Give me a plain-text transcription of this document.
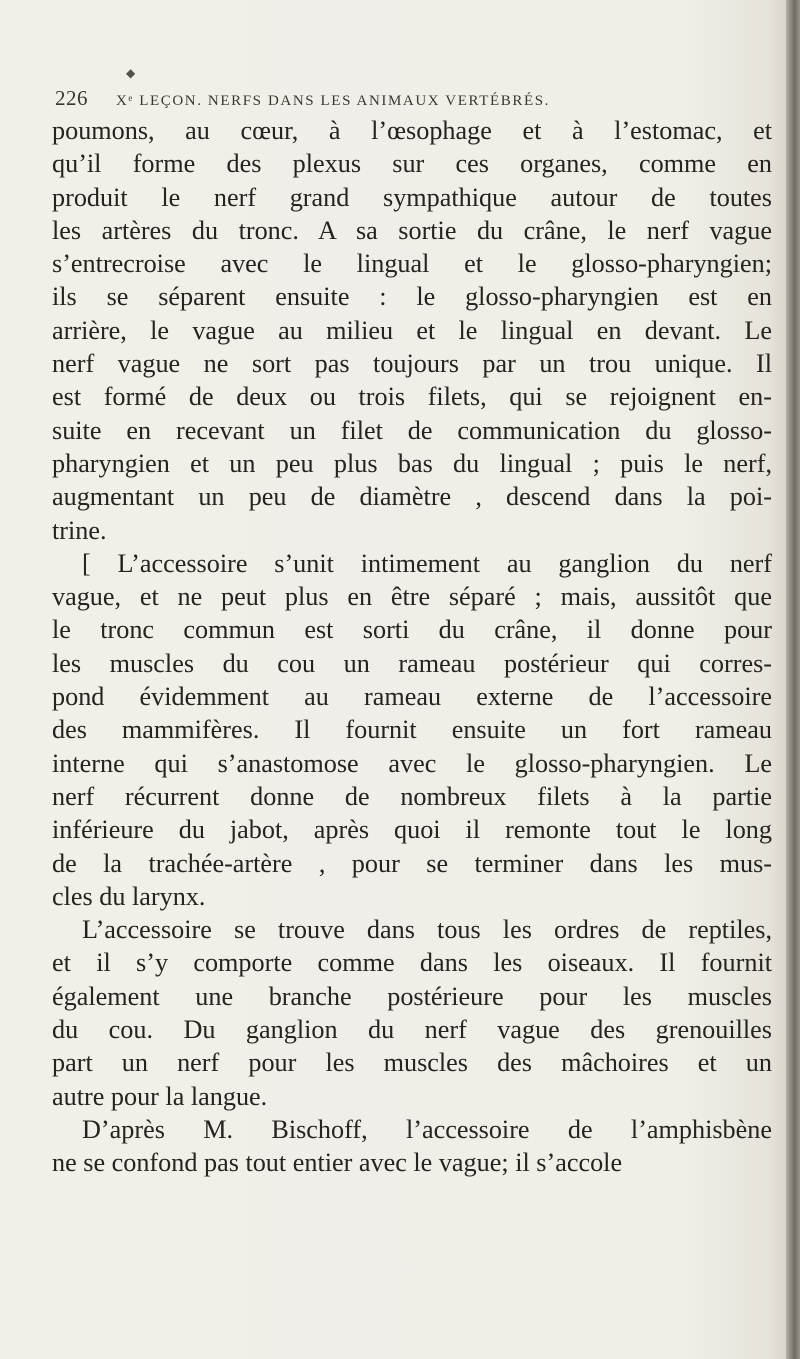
◆
226 Xᵉ LEÇON. NERFS DANS LES ANIMAUX VERTÉBRÉS.
poumons, au cœur, à l’œsophage et à l’estomac, et
qu’il forme des plexus sur ces organes, comme en
produit le nerf grand sympathique autour de toutes
les artères du tronc. A sa sortie du crâne, le nerf vague
s’entrecroise avec le lingual et le glosso-pharyngien;
ils se séparent ensuite : le glosso-pharyngien est en
arrière, le vague au milieu et le lingual en devant. Le
nerf vague ne sort pas toujours par un trou unique. Il
est formé de deux ou trois filets, qui se rejoignent en-
suite en recevant un filet de communication du glosso-
pharyngien et un peu plus bas du lingual ; puis le nerf,
augmentant un peu de diamètre , descend dans la poi-
trine.
[ L’accessoire s’unit intimement au ganglion du nerf
vague, et ne peut plus en être séparé ; mais, aussitôt que
le tronc commun est sorti du crâne, il donne pour
les muscles du cou un rameau postérieur qui corres-
pond évidemment au rameau externe de l’accessoire
des mammifères. Il fournit ensuite un fort rameau
interne qui s’anastomose avec le glosso-pharyngien. Le
nerf récurrent donne de nombreux filets à la partie
inférieure du jabot, après quoi il remonte tout le long
de la trachée-artère , pour se terminer dans les mus-
cles du larynx.
L’accessoire se trouve dans tous les ordres de reptiles,
et il s’y comporte comme dans les oiseaux. Il fournit
également une branche postérieure pour les muscles
du cou. Du ganglion du nerf vague des grenouilles
part un nerf pour les muscles des mâchoires et un
autre pour la langue.
D’après M. Bischoff, l’accessoire de l’amphisbène
ne se confond pas tout entier avec le vague; il s’accole
